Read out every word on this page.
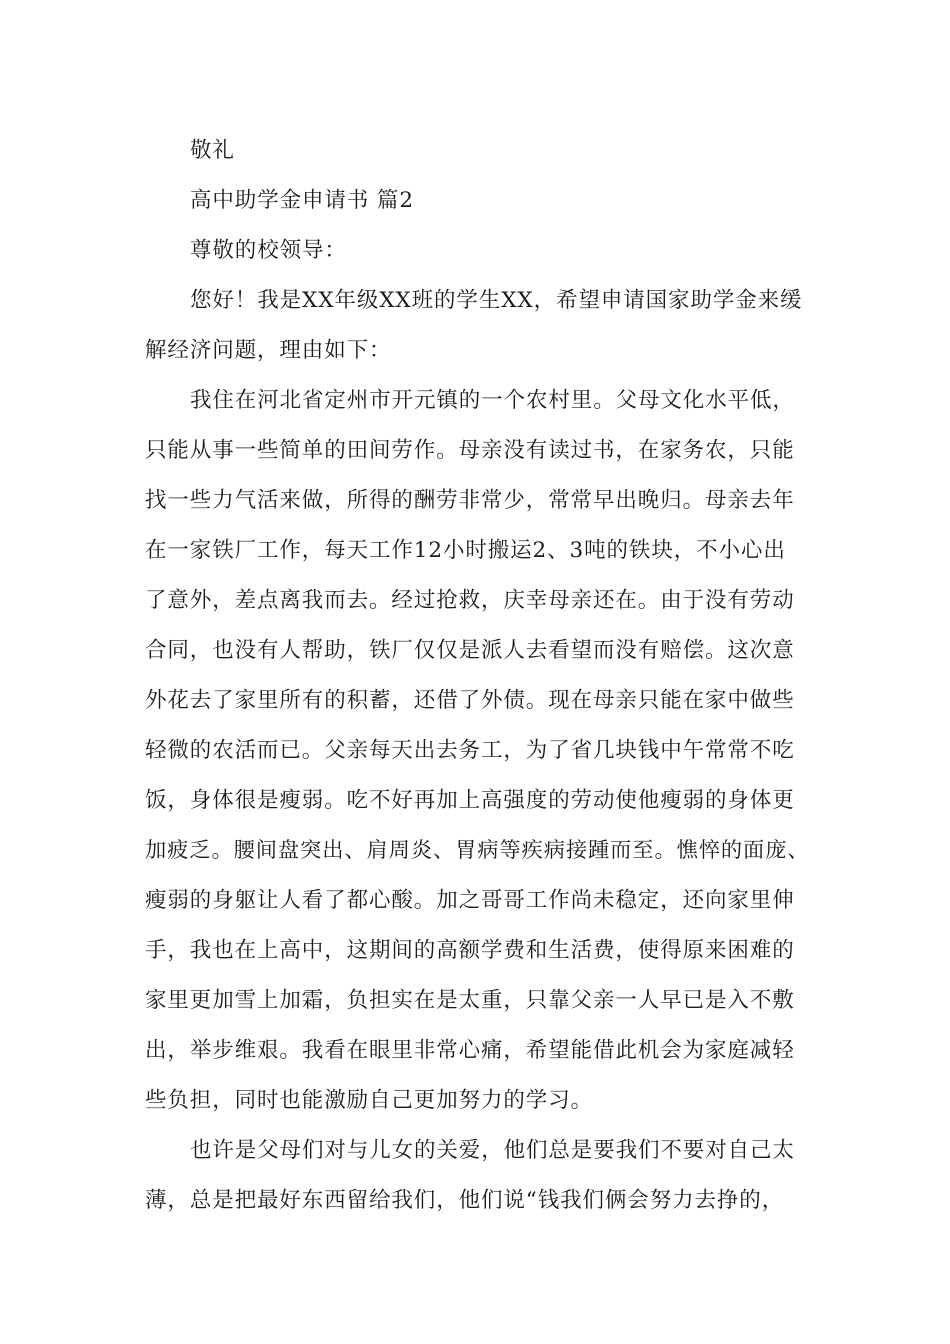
敬礼
高中助学金申请书 篇2
尊敬的校领导：
您好！我是XX年级XX班的学生XX，希望申请国家助学金来缓
解经济问题，理由如下：
我住在河北省定州市开元镇的一个农村里。父母文化水平低，
只能从事一些简单的田间劳作。母亲没有读过书，在家务农，只能
找一些力气活来做，所得的酬劳非常少，常常早出晚归。母亲去年
在一家铁厂工作，每天工作12小时搬运2、3吨的铁块，不小心出
了意外，差点离我而去。经过抢救，庆幸母亲还在。由于没有劳动
合同，也没有人帮助，铁厂仅仅是派人去看望而没有赔偿。这次意
外花去了家里所有的积蓄，还借了外债。现在母亲只能在家中做些
轻微的农活而已。父亲每天出去务工，为了省几块钱中午常常不吃
饭，身体很是瘦弱。吃不好再加上高强度的劳动使他瘦弱的身体更
加疲乏。腰间盘突出、肩周炎、胃病等疾病接踵而至。憔悴的面庞、
瘦弱的身躯让人看了都心酸。加之哥哥工作尚未稳定，还向家里伸
手，我也在上高中，这期间的高额学费和生活费，使得原来困难的
家里更加雪上加霜，负担实在是太重，只靠父亲一人早已是入不敷
出，举步维艰。我看在眼里非常心痛，希望能借此机会为家庭减轻
些负担，同时也能激励自己更加努力的学习。
也许是父母们对与儿女的关爱，他们总是要我们不要对自己太
薄，总是把最好东西留给我们，他们说“钱我们俩会努力去挣的，
